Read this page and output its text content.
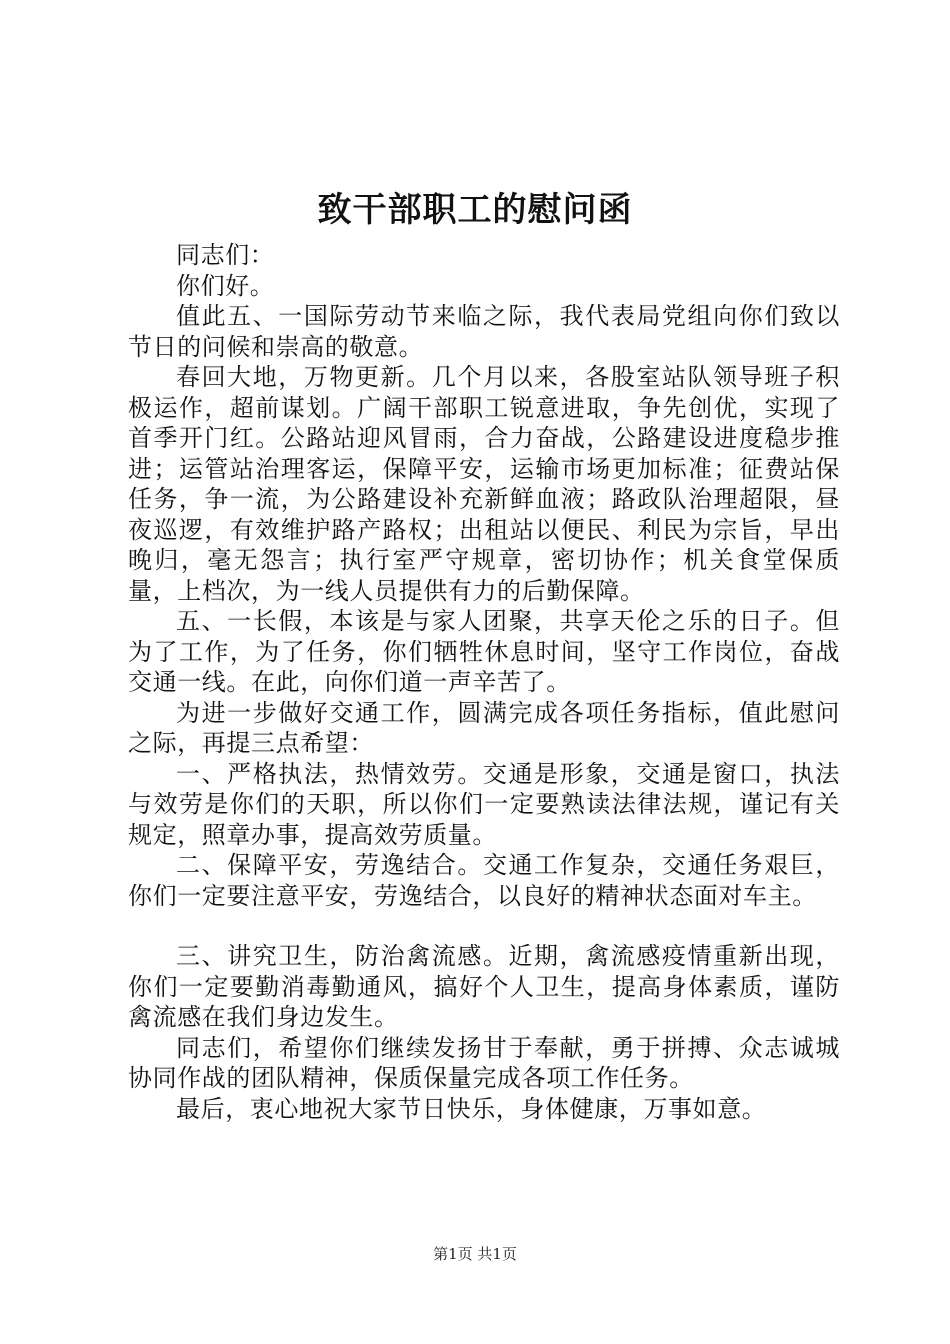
致干部职工的慰问函

同志们：

你们好。

值此五、一国际劳动节来临之际，我代表局党组向你们致以节日的问候和崇高的敬意。

春回大地，万物更新。几个月以来，各股室站队领导班子积极运作，超前谋划。广阔干部职工锐意进取，争先创优，实现了首季开门红。公路站迎风冒雨，合力奋战，公路建设进度稳步推进；运管站治理客运，保障平安，运输市场更加标准；征费站保任务，争一流，为公路建设补充新鲜血液；路政队治理超限，昼夜巡逻，有效维护路产路权；出租站以便民、利民为宗旨，早出晚归，毫无怨言；执行室严守规章，密切协作；机关食堂保质量，上档次，为一线人员提供有力的后勤保障。

五、一长假，本该是与家人团聚，共享天伦之乐的日子。但为了工作，为了任务，你们牺牲休息时间，坚守工作岗位，奋战交通一线。在此，向你们道一声辛苦了。

为进一步做好交通工作，圆满完成各项任务指标，值此慰问之际，再提三点希望：

一、严格执法，热情效劳。交通是形象，交通是窗口，执法与效劳是你们的天职，所以你们一定要熟读法律法规，谨记有关规定，照章办事，提高效劳质量。

二、保障平安，劳逸结合。交通工作复杂，交通任务艰巨，你们一定要注意平安，劳逸结合，以良好的精神状态面对车主。

三、讲究卫生，防治禽流感。近期，禽流感疫情重新出现，你们一定要勤消毒勤通风，搞好个人卫生，提高身体素质，谨防禽流感在我们身边发生。

同志们，希望你们继续发扬甘于奉献，勇于拼搏、众志诚城协同作战的团队精神，保质保量完成各项工作任务。

最后，衷心地祝大家节日快乐，身体健康，万事如意。

第1页 共1页
